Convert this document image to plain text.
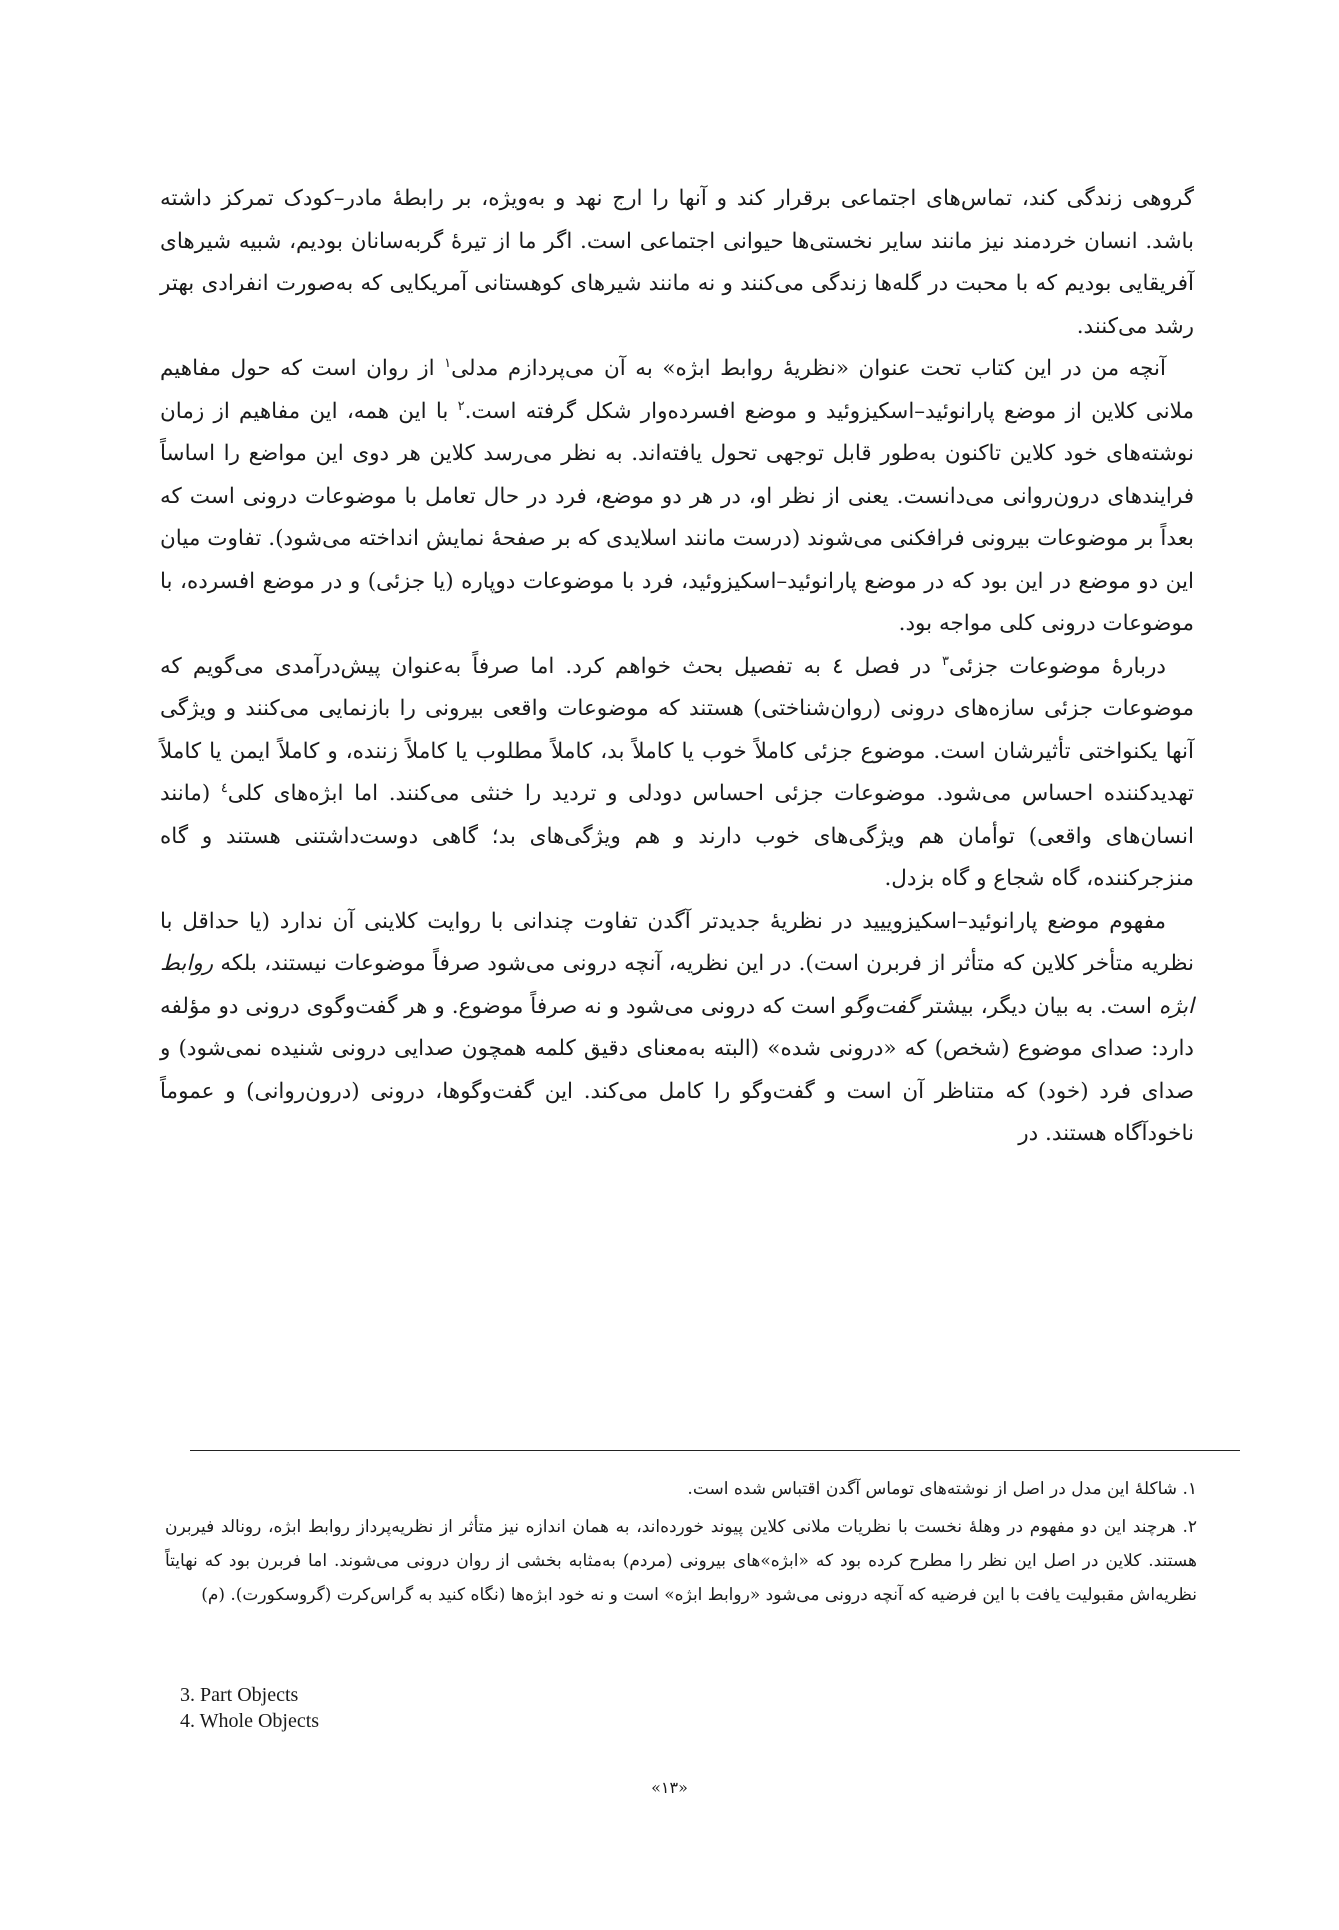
گروهی زندگی کند، تماس‌های اجتماعی برقرار کند و آنها را ارج نهد و به‌ویژه، بر رابطهٔ مادر–کودک تمرکز داشته باشد. انسان خردمند نیز مانند سایر نخستی‌ها حیوانی اجتماعی است. اگر ما از تیرهٔ گربه‌سانان بودیم، شبیه شیرهای آفریقایی بودیم که با محبت در گله‌ها زندگی می‌کنند و نه مانند شیرهای کوهستانی آمریکایی که به‌صورت انفرادی بهتر رشد می‌کنند.

آنچه من در این کتاب تحت عنوان «نظریهٔ روابط ابژه» به آن می‌پردازم مدلی$^۱$ از روان است که حول مفاهیم ملانی کلاین از موضع پارانوئید–اسکیزوئید و موضع افسرده‌وار شکل گرفته است.$^۲$ با این همه، این مفاهیم از زمان نوشته‌های خود کلاین تاکنون به‌طور قابل توجهی تحول یافته‌اند. به نظر می‌رسد کلاین هر دوی این مواضع را اساساً فرایندهای درون‌روانی می‌دانست. یعنی از نظر او، در هر دو موضع، فرد در حال تعامل با موضوعات درونی است که بعداً بر موضوعات بیرونی فرافکنی می‌شوند (درست مانند اسلایدی که بر صفحهٔ نمایش انداخته می‌شود). تفاوت میان این دو موضع در این بود که در موضع پارانوئید–اسکیزوئید، فرد با موضوعات دوپاره (یا جزئی) و در موضع افسرده، با موضوعات درونی کلی مواجه بود.

دربارهٔ موضوعات جزئی$^۳$ در فصل ٤ به تفصیل بحث خواهم کرد. اما صرفاً به‌عنوان پیش‌درآمدی می‌گویم که موضوعات جزئی سازه‌های درونی (روان‌شناختی) هستند که موضوعات واقعی بیرونی را بازنمایی می‌کنند و ویژگی آنها یکنواختی تأثیرشان است. موضوع جزئی کاملاً خوب یا کاملاً بد، کاملاً مطلوب یا کاملاً زننده، و کاملاً ایمن یا کاملاً تهدیدکننده احساس می‌شود. موضوعات جزئی احساس دودلی و تردید را خنثی می‌کنند. اما ابژه‌های کلی$^٤$ (مانند انسان‌های واقعی) توأمان هم ویژگی‌های خوب دارند و هم ویژگی‌های بد؛ گاهی دوست‌داشتنی هستند و گاه منزجرکننده، گاه شجاع و گاه بزدل.

مفهوم موضع پارانوئید–اسکیزوییید در نظریهٔ جدیدتر آگدن تفاوت چندانی با روایت کلاینی آن ندارد (یا حداقل با نظریه متأخر کلاین که متأثر از فربرن است). در این نظریه، آنچه درونی می‌شود صرفاً موضوعات نیستند، بلکه روابط ابژه است. به بیان دیگر، بیشتر گفت‌وگو است که درونی می‌شود و نه صرفاً موضوع. و هر گفت‌وگوی درونی دو مؤلفه دارد: صدای موضوع (شخص) که «درونی شده» (البته به‌معنای دقیق کلمه همچون صدایی درونی شنیده نمی‌شود) و صدای فرد (خود) که متناظر آن است و گفت‌وگو را کامل می‌کند. این گفت‌وگوها، درونی (درون‌روانی) و عموماً ناخودآگاه هستند. در

۱. شاکلهٔ این مدل در اصل از نوشته‌های توماس آگدن اقتباس شده است.

۲. هرچند این دو مفهوم در وهلهٔ نخست با نظریات ملانی کلاین پیوند خورده‌اند، به همان اندازه نیز متأثر از نظریه‌پرداز روابط ابژه، رونالد فیربرن هستند. کلاین در اصل این نظر را مطرح کرده بود که «ابژه»های بیرونی (مردم) به‌مثابه بخشی از روان درونی می‌شوند. اما فربرن بود که نهایتاً نظریه‌اش مقبولیت یافت با این فرضیه که آنچه درونی می‌شود «روابط ابژه» است و نه خود ابژه‌ها (نگاه کنید به گراس‌کرت (گروسکورت). (م)

3. Part Objects
4. Whole Objects
«۱۳»
